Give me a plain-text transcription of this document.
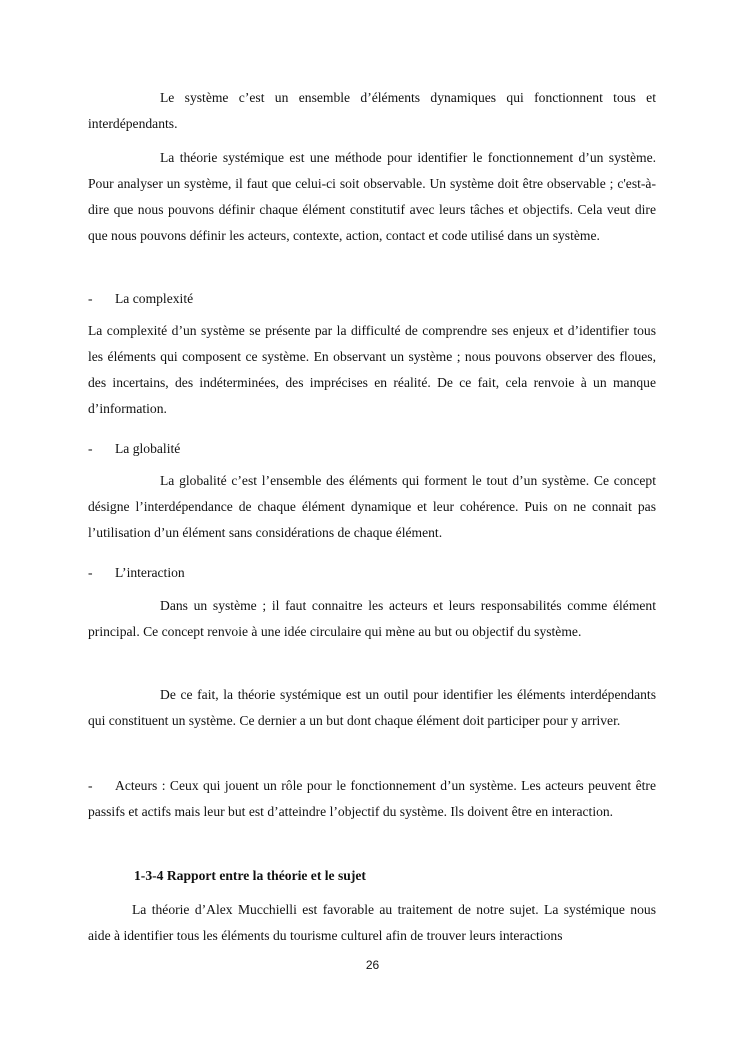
Le système c’est un ensemble d’éléments dynamiques qui fonctionnent tous et interdépendants.

La théorie systémique est une méthode pour identifier le fonctionnement d’un système. Pour analyser un système, il faut que celui-ci soit observable. Un système doit être observable ; c'est-à-dire que nous pouvons définir chaque élément constitutif avec leurs tâches et objectifs. Cela veut dire que nous pouvons définir les acteurs, contexte, action, contact et code utilisé dans un système.

-	La complexité

La complexité d’un système se présente par la difficulté de comprendre ses enjeux et d’identifier tous les éléments qui composent ce système. En observant un système ; nous pouvons observer des floues, des incertains, des indéterminées, des imprécises en réalité. De ce fait, cela renvoie à un manque d’information.

-	La globalité

La globalité c’est l’ensemble des éléments qui forment le tout d’un système. Ce concept désigne l’interdépendance de chaque élément dynamique et leur cohérence. Puis on ne connait pas l’utilisation d’un élément sans considérations de chaque élément.

-	L’interaction

Dans un système ; il faut connaitre les acteurs et leurs responsabilités comme élément principal. Ce concept renvoie à une idée circulaire qui mène au but ou objectif du système.

De ce fait, la théorie systémique est un outil pour identifier les éléments interdépendants qui constituent un système. Ce dernier a un but dont chaque élément doit participer pour y arriver.

- Acteurs : Ceux qui jouent un rôle pour le fonctionnement d’un système. Les acteurs peuvent être passifs et actifs mais leur but est d’atteindre l’objectif du système. Ils doivent être en interaction.

1-3-4 Rapport entre la théorie et le sujet

La théorie d’Alex Mucchielli est favorable au traitement de notre sujet. La systémique nous aide à identifier tous les éléments du tourisme culturel afin de trouver leurs interactions

26
